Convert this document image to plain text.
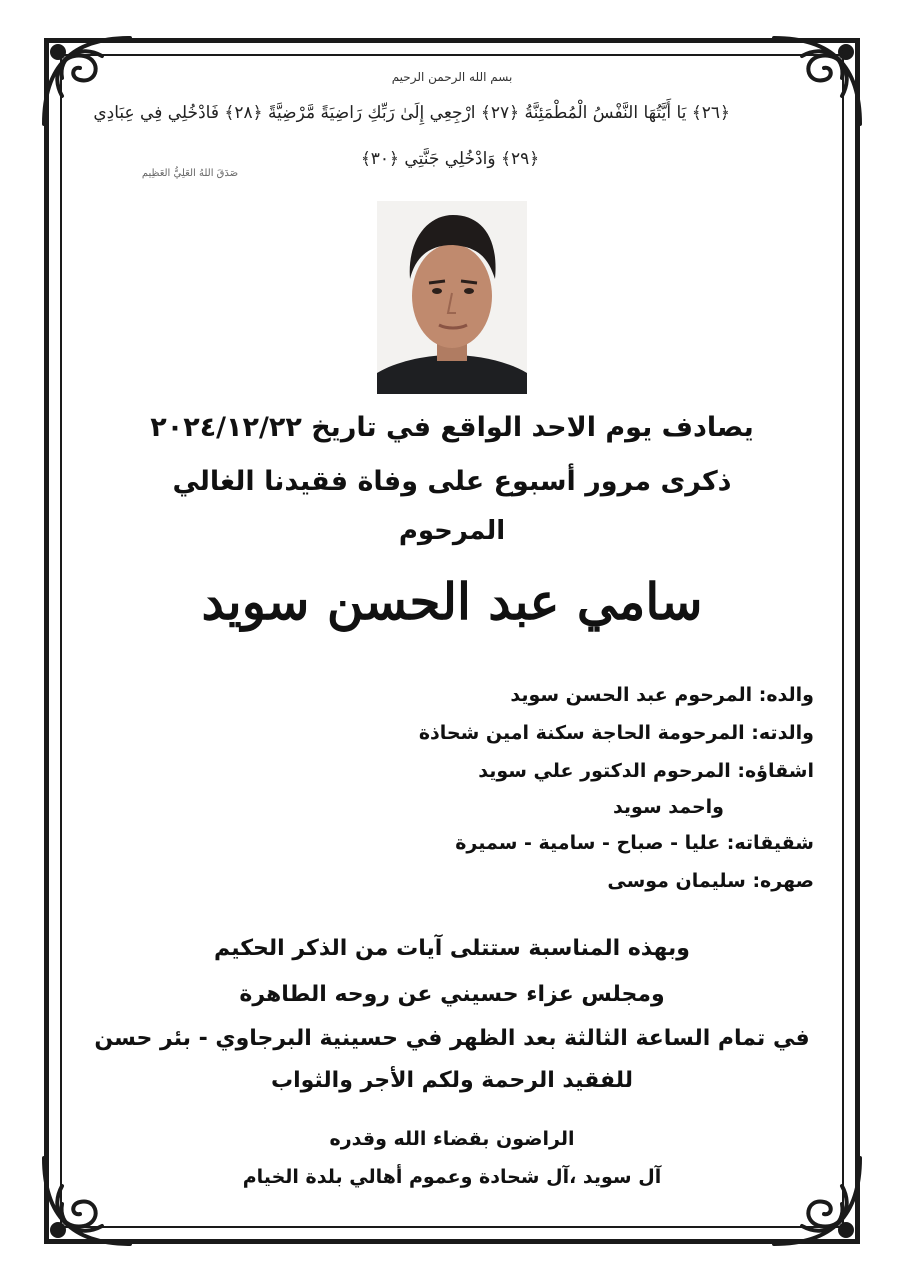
بسم الله الرحمن الرحيم
﴿٢٦﴾ يَا أَيَّتُهَا النَّفْسُ الْمُطْمَئِنَّةُ ﴿٢٧﴾ ارْجِعِي إِلَىٰ رَبِّكِ رَاضِيَةً مَّرْضِيَّةً ﴿٢٨﴾ فَادْخُلِي فِي عِبَادِي
﴿٢٩﴾ وَادْخُلِي جَنَّتِي ﴿٣٠﴾
صَدَقَ اللهُ العَلِيُّ العَظِيم
يصادف يوم الاحد الواقع في تاريخ ٢٠٢٤/١٢/٢٢
ذكرى مرور أسبوع على وفاة فقيدنا الغالي
المرحوم
سامي عبد الحسن سويد
والده: المرحوم عبد الحسن سويد
والدته: المرحومة الحاجة سكنة امين شحاذة
اشقاؤه: المرحوم الدكتور علي سويد
واحمد سويد
شقيقاته: عليا - صباح - سامية - سميرة
صهره: سليمان موسى
وبهذه المناسبة ستتلى آيات من الذكر الحكيم
ومجلس عزاء حسيني عن روحه الطاهرة
في تمام الساعة الثالثة بعد الظهر في حسينية البرجاوي - بئر حسن
للفقيد الرحمة ولكم الأجر والثواب
الراضون بقضاء الله وقدره
آل سويد ،آل شحادة وعموم أهالي بلدة الخيام
